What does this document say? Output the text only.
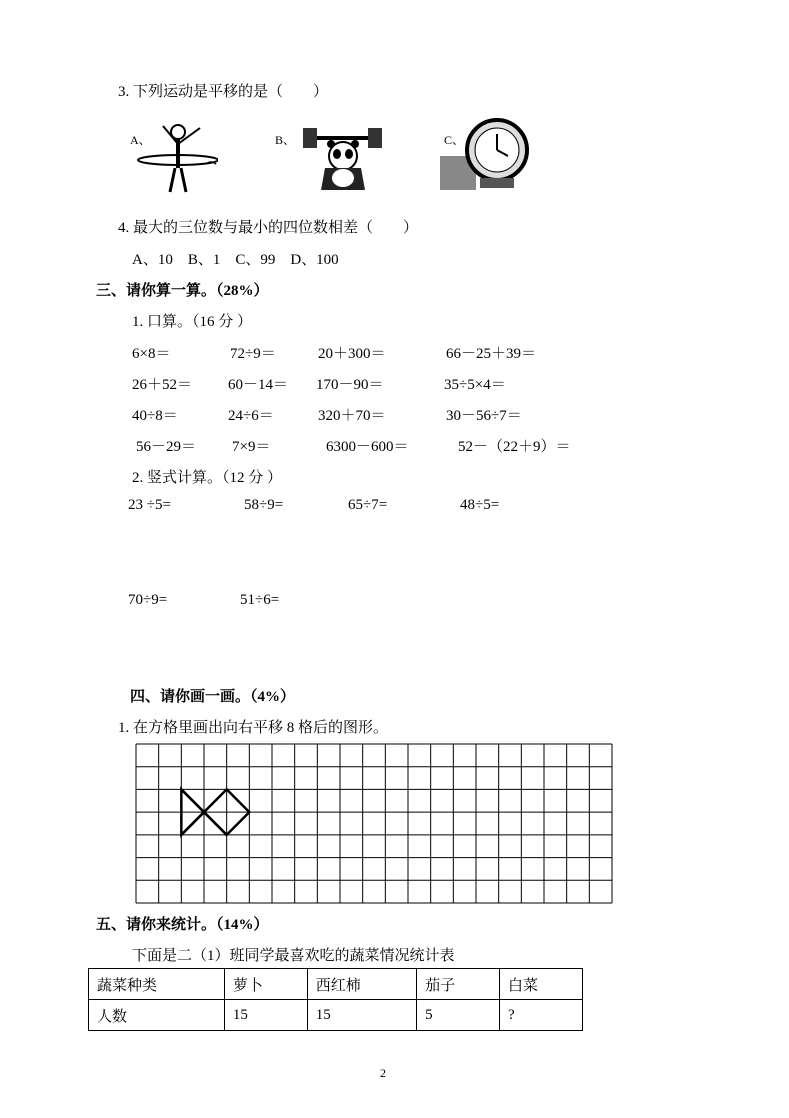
3. 下列运动是平移的是（　　）
A、	B、	C、
4. 最大的三位数与最小的四位数相差（　　）
A、10　B、1　C、99　D、100
三、请你算一算。（28%）
1. 口算。（16 分 ）
6×8＝	72÷9＝	20＋300＝	66－25＋39＝
26＋52＝ 60－14＝ 170－90＝	35÷5×4＝
40÷8＝	24÷6＝	320＋70＝	30－56÷7＝
56－29＝ 7×9＝	6300－600＝	52－（22＋9）＝
2. 竖式计算。（12 分 ）
23 ÷5=	58÷9=	65÷7=	48÷5=
70÷9=	51÷6=
四、请你画一画。（4%）
1. 在方格里画出向右平移 8 格后的图形。
五、请你来统计。（14%）
下面是二（1）班同学最喜欢吃的蔬菜情况统计表
蔬菜种类	萝卜	西红柿	茄子	白菜
人数	15	15	5	?
2
